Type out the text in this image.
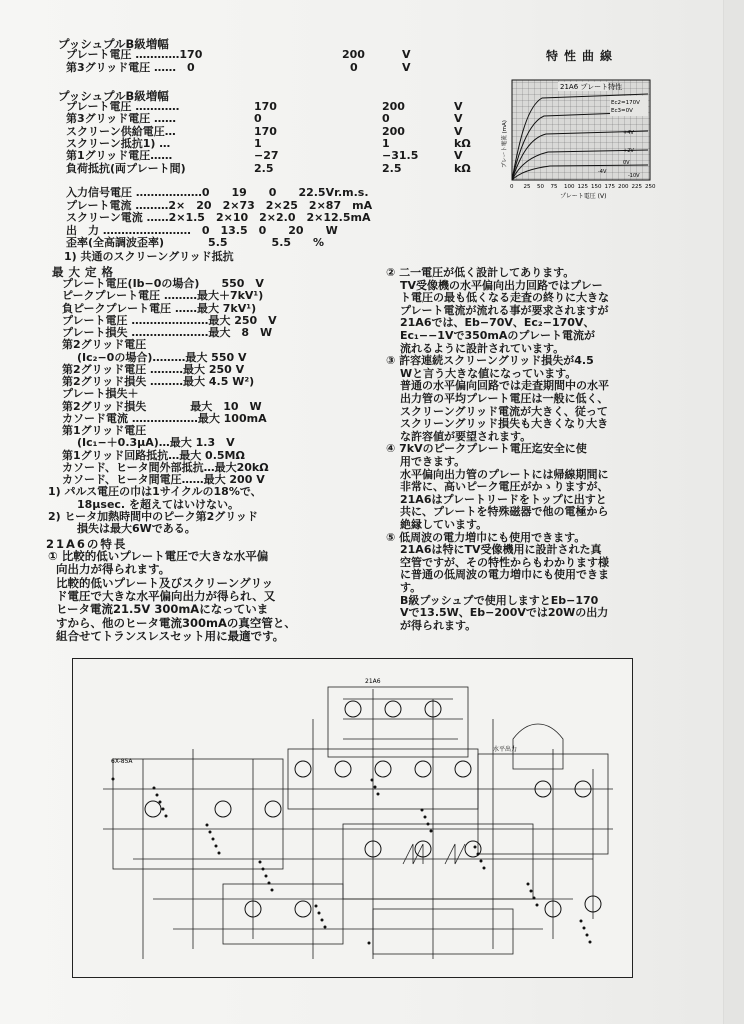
プッシュプルB級増幅
プレート電圧 …………170	200	V
第3グリッド電圧 ……　0	0	V
特性曲線
21A6 プレート特性
Ec2=170V
Ec3=0V
+4V
+2V
0V
-4V
-10V
プレート電流 (mA)
0 25 50 75 100 125 150 175 200 225 250
プレート電圧 (V)
プッシュプルB級増幅
プレート電圧 …………	170	200	V
第3グリッド電圧 ……	0	0	V
スクリーン供給電圧…	170	200	V
スクリーン抵抗1) …	1	1	kΩ
第1グリッド電圧……	−27	−31.5	V
負荷抵抗(両プレート間)	2.5	2.5	kΩ
入力信号電圧 ………………0　　19　　0　　22.5Vr.m.s.
プレート電流 ………2×　20　2×73　2×25　2×87　mA
スクリーン電流 ……2×1.5　2×10　2×2.0　2×12.5mA
出　力 ……………………　0　13.5　0　　20　　W
歪率(全高調波歪率)　　　　5.5　　　　5.5　　%
1) 共通のスクリーングリッド抵抗
最大定格
プレート電圧(Ib−0の場合)　　550　V
ピークプレート電圧 ………最大＋7kV¹)
負ピークプレート電圧 ……最大 7kV¹)
プレート電圧 …………………最大 250　V
プレート損失 …………………最大　8　W
第2グリッド電圧
　(Ic₂−0の場合)………最大 550 V
第2グリッド電圧 ………最大 250 V
第2グリッド損失 ………最大 4.5 W²)
プレート損失＋
第2グリッド損失　　　　最大　10　W
カソード電流 ………………最大 100mA
第1グリッド電圧
　(Ic₁−＋0.3μA)…最大 1.3　V
第1グリッド回路抵抗…最大 0.5MΩ
カソード、ヒータ間外部抵抗…最大20kΩ
カソード、ヒータ間電圧……最大 200 V
1) パルス電圧の巾は1サイクルの18%で、
　18μsec. を超えてはいけない。
2) ヒータ加熱時間中のピーク第2グリッド
　損失は最大6Wである。
21A6の特長
① 比較的低いプレート電圧で大きな水平偏
向出力が得られます。
比較的低いプレート及びスクリーングリッ
ド電圧で大きな水平偏向出力が得られ、又
ヒータ電流21.5V 300mAになっていま
すから、他のヒータ電流300mAの真空管と、
組合せてトランスレスセット用に最適です。
② 二一電圧が低く設計してあります。
TV受像機の水平偏向出力回路ではプレー
ト電圧の最も低くなる走査の終りに大きな
プレート電流が流れる事が要求されますが
21A6では、Eb−70V、Ec₂−170V、
Ec₁−−1Vで350mAのプレート電流が
流れるように設計されています。
③ 許容連続スクリーングリッド損失が4.5
Wと言う大きな値になっています。
普通の水平偏向回路では走査期間中の水平
出力管の平均プレート電圧は一般に低く、
スクリーングリッド電流が大きく、従って
スクリーングリッド損失も大きくなり大き
な許容値が要望されます。
④ 7kVのピークプレート電圧迄安全に使
用できます。
水平偏向出力管のプレートには帰線期間に
非常に、高いピーク電圧がかゝりますが、
21A6はプレートリードをトップに出すと
共に、プレートを特殊磁器で他の電極から
絶縁しています。
⑤ 低周波の電力増巾にも使用できます。
21A6は特にTV受像機用に設計された真
空管ですが、その特性からもわかります様
に普通の低周波の電力増巾にも使用できま
す。
B級プッシュプで使用しますとEb−170
Vで13.5W、Eb−200Vでは20Wの出力
が得られます。
6X-85A
21A6
水平出力
